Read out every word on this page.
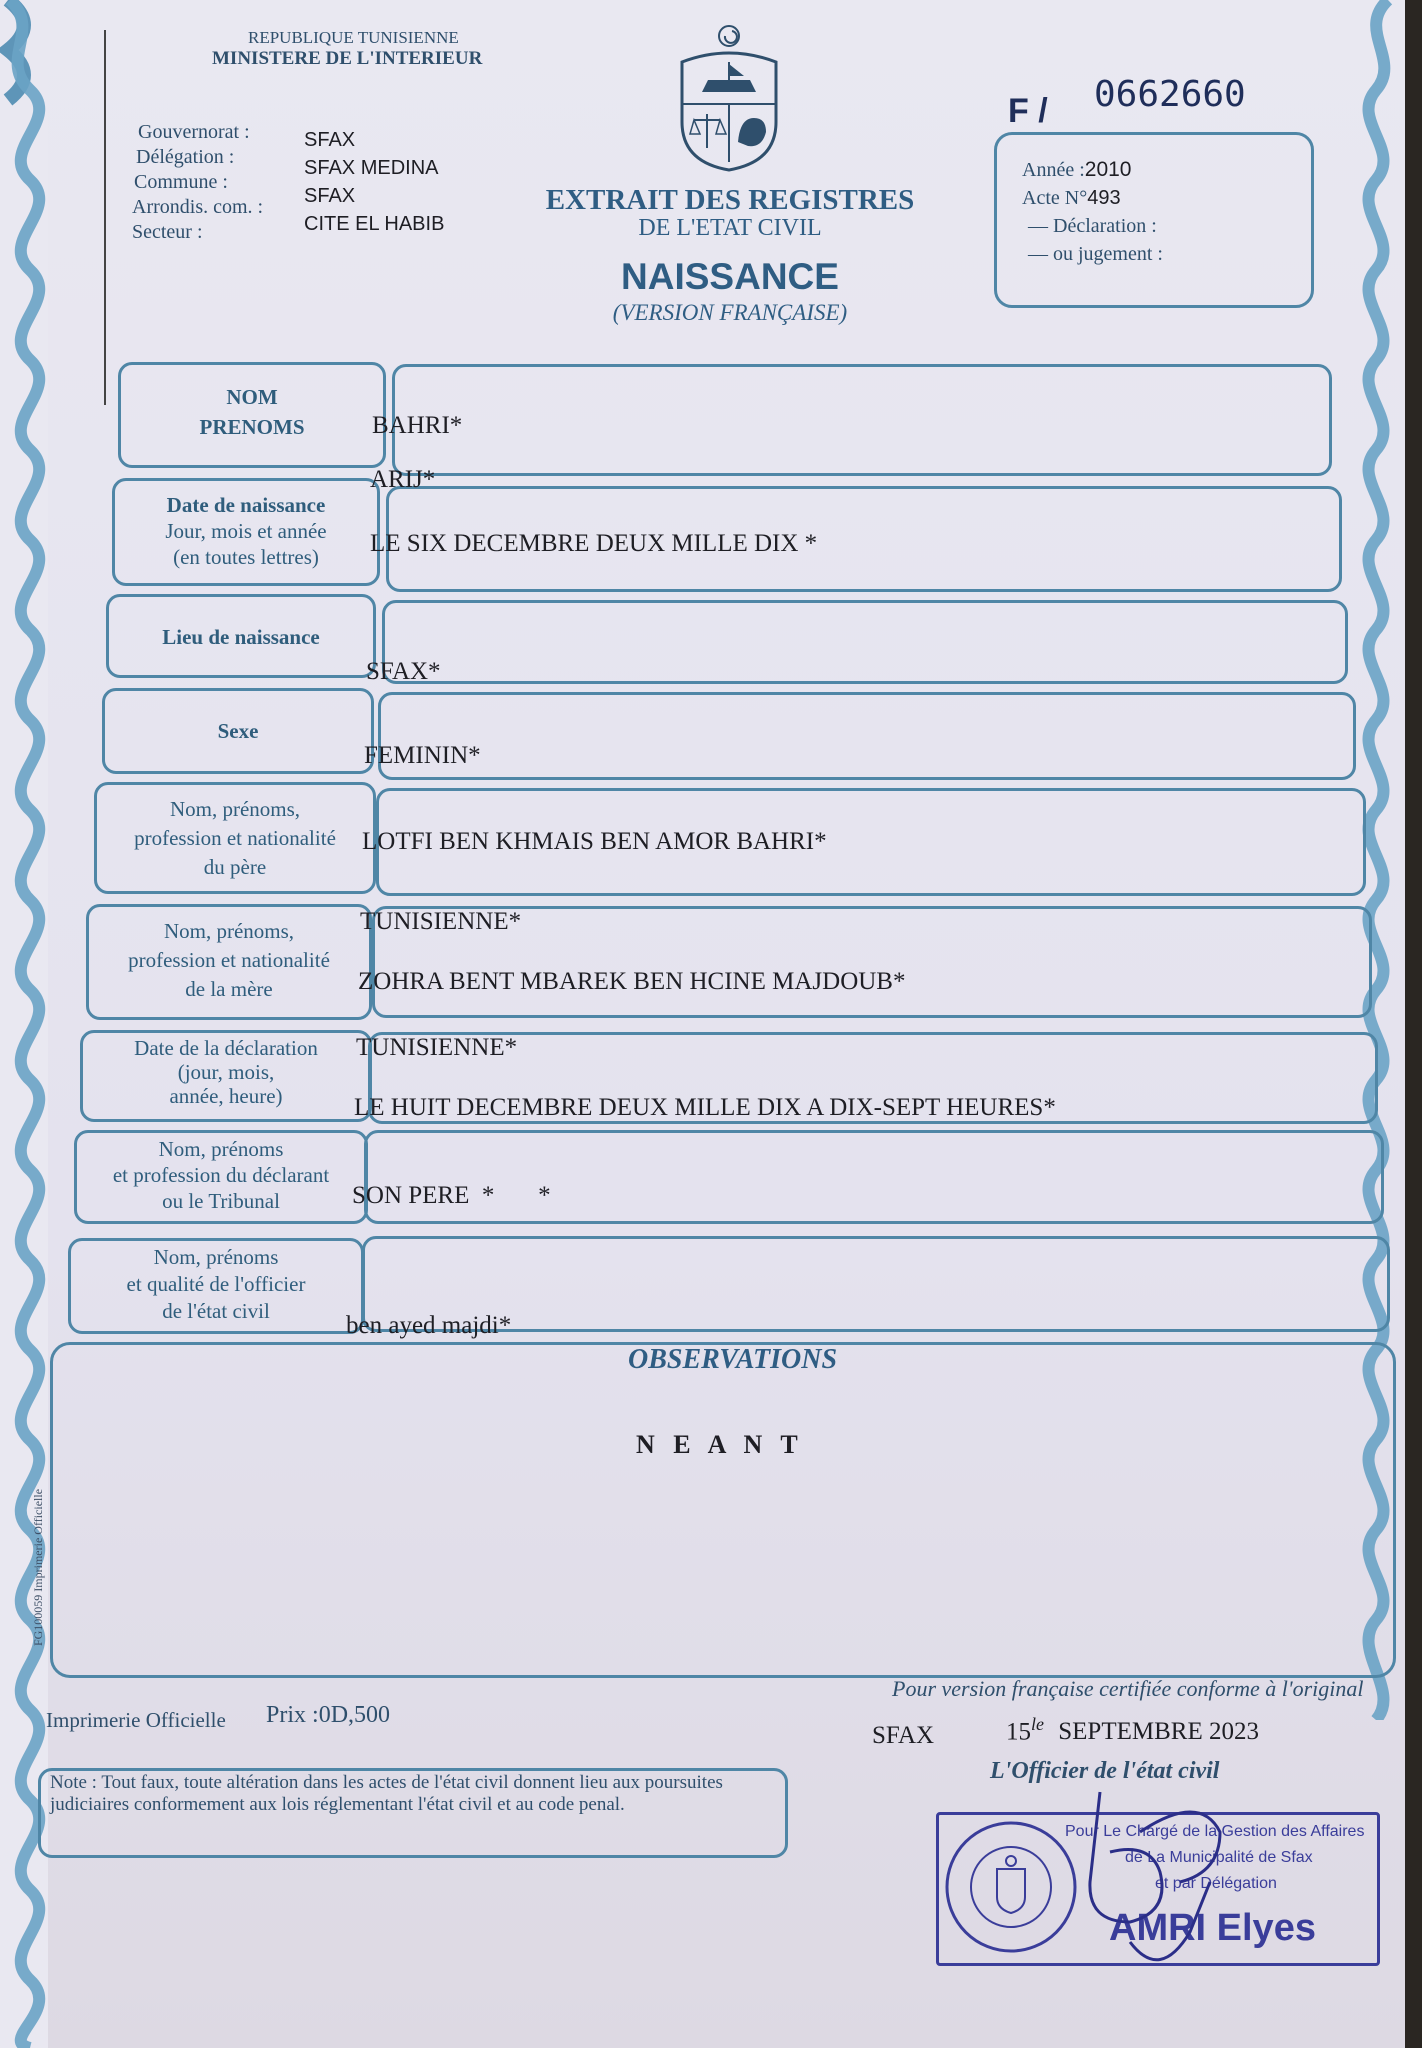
REPUBLIQUE TUNISIENNE
MINISTERE DE L'INTERIEUR
Gouvernorat :
Délégation :
Commune :
Arrondis. com. :
Secteur :
SFAX
SFAX MEDINA
SFAX
CITE EL HABIB
EXTRAIT DES REGISTRES
DE L'ETAT CIVIL
NAISSANCE
(VERSION FRANÇAISE)
F / 0662660
Année :2010
Acte N°493
— Déclaration :
— ou jugement :
NOM
PRENOMS
Date de naissance
Jour, mois et année
(en toutes lettres)
Lieu de naissance
Sexe
Nom, prénoms,
profession et nationalité
du père
Nom, prénoms,
profession et nationalité
de la mère
Date de la déclaration
(jour, mois,
année, heure)
Nom, prénoms
et profession du déclarant
ou le Tribunal
Nom, prénoms
et qualité de l'officier
de l'état civil
BAHRI*
ARIJ*
LE SIX DECEMBRE DEUX MILLE DIX *
SFAX*
FEMININ*
LOTFI BEN KHMAIS BEN AMOR BAHRI*
TUNISIENNE*
ZOHRA BENT MBAREK BEN HCINE MAJDOUB*
TUNISIENNE*
LE HUIT DECEMBRE DEUX MILLE DIX A DIX-SEPT HEURES*
SON PERE  *       *
ben ayed majdi*
OBSERVATIONS
N E A N T
FG100059 Imprimerie Officielle
Imprimerie Officielle Prix :0D,500
Note : Tout faux, toute altération dans les actes de l'état civil donnent lieu aux poursuites judiciaires conformement aux lois réglementant l'état civil et au code penal.
Pour version française certifiée conforme à l'original
SFAX	$15^{le}$ SEPTEMBRE 2023
L'Officier de l'état civil
Pour Le Chargé de la Gestion des Affaires
de La Municipalité de Sfax
et par Délégation
AMRI Elyes
